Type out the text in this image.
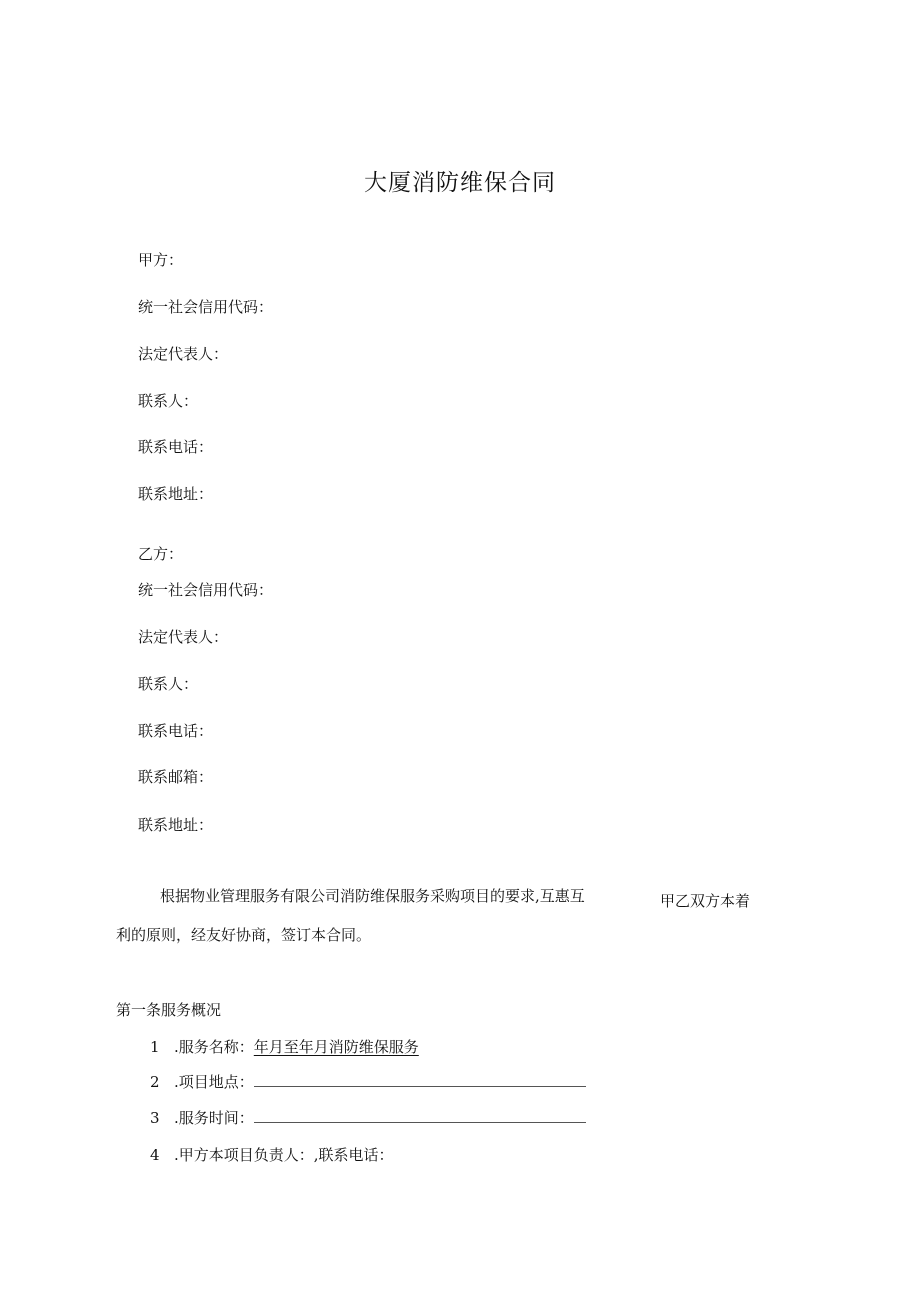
大厦消防维保合同
甲方：
统一社会信用代码：
法定代表人：
联系人：
联系电话：
联系地址：
乙方：
统一社会信用代码：
法定代表人：
联系人：
联系电话：
联系邮箱：
联系地址：
根据物业管理服务有限公司消防维保服务采购项目的要求,互惠互	甲乙双方本着
利的原则，经友好协商，签订本合同。
第一条服务概况
1 .服务名称：年月至年月消防维保服务
2 .项目地点：
3 .服务时间：
4 .甲方本项目负责人：,联系电话：
